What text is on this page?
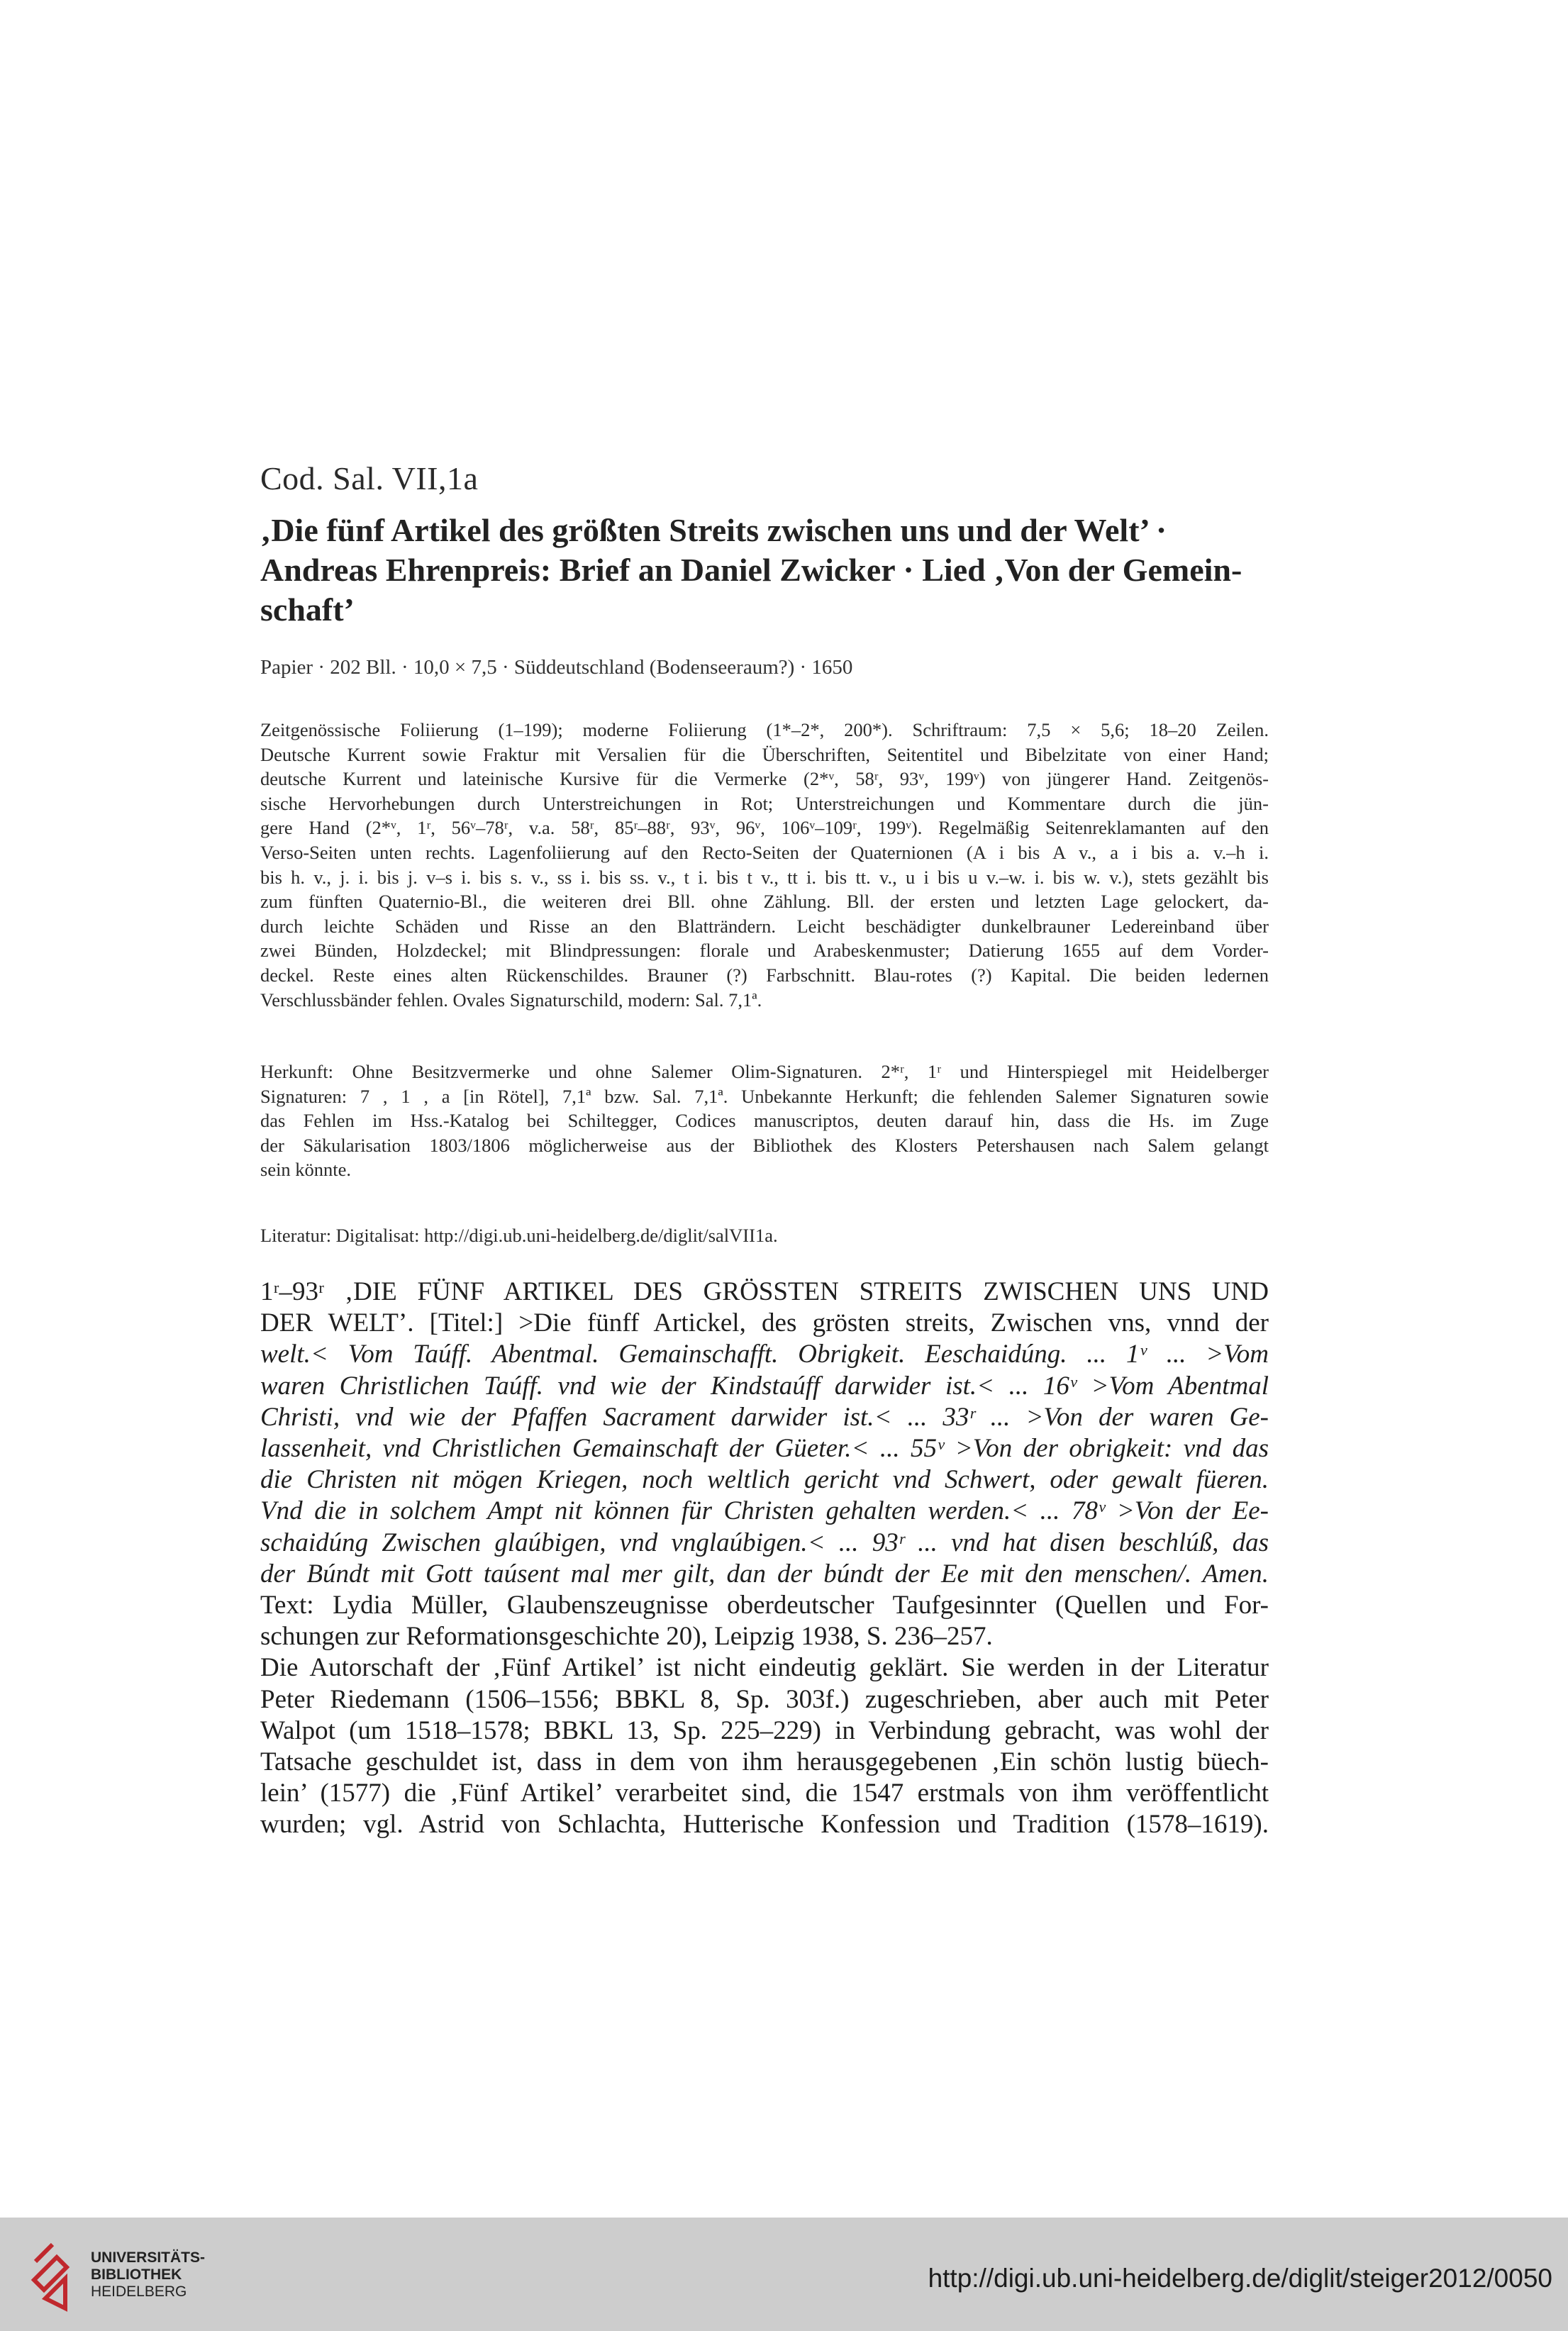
Cod. Sal. VII,1a
‚Die fünf Artikel des größten Streits zwischen uns und der Welt’ ·
Andreas Ehrenpreis: Brief an Daniel Zwicker · Lied ‚Von der Gemein-
schaft’
Papier · 202 Bll. · 10,0 × 7,5 · Süddeutschland (Bodenseeraum?) · 1650
Zeitgenössische Foliierung (1–199); moderne Foliierung (1*–2*, 200*). Schriftraum: 7,5 × 5,6; 18–20 Zeilen.
Deutsche Kurrent sowie Fraktur mit Versalien für die Überschriften, Seitentitel und Bibelzitate von einer Hand;
deutsche Kurrent und lateinische Kursive für die Vermerke (2*ᵛ, 58ʳ, 93ᵛ, 199ᵛ) von jüngerer Hand. Zeitgenös-
sische Hervorhebungen durch Unterstreichungen in Rot; Unterstreichungen und Kommentare durch die jün-
gere Hand (2*ᵛ, 1ʳ, 56ᵛ–78ʳ, v.a. 58ʳ, 85ʳ–88ʳ, 93ᵛ, 96ᵛ, 106ᵛ–109ʳ, 199ᵛ). Regelmäßig Seitenreklamanten auf den
Verso-Seiten unten rechts. Lagenfoliierung auf den Recto-Seiten der Quaternionen (A i bis A v., a i bis a. v.–h i.
bis h. v., j. i. bis j. v–s i. bis s. v., ss i. bis ss. v., t i. bis t v., tt i. bis tt. v., u i bis u v.–w. i. bis w. v.), stets gezählt bis
zum fünften Quaternio-Bl., die weiteren drei Bll. ohne Zählung. Bll. der ersten und letzten Lage gelockert, da-
durch leichte Schäden und Risse an den Blatträndern. Leicht beschädigter dunkelbrauner Ledereinband über
zwei Bünden, Holzdeckel; mit Blindpressungen: florale und Arabeskenmuster; Datierung 1655 auf dem Vorder-
deckel. Reste eines alten Rückenschildes. Brauner (?) Farbschnitt. Blau-rotes (?) Kapital. Die beiden ledernen
Verschlussbänder fehlen. Ovales Signaturschild, modern: Sal. 7,1ª.
Herkunft: Ohne Besitzvermerke und ohne Salemer Olim-Signaturen. 2*ʳ, 1ʳ und Hinterspiegel mit Heidelberger
Signaturen: 7 , 1 , a [in Rötel], 7,1ª bzw. Sal. 7,1ª. Unbekannte Herkunft; die fehlenden Salemer Signaturen sowie
das Fehlen im Hss.-Katalog bei Schiltegger, Codices manuscriptos, deuten darauf hin, dass die Hs. im Zuge
der Säkularisation 1803/1806 möglicherweise aus der Bibliothek des Klosters Petershausen nach Salem gelangt
sein könnte.
Literatur: Digitalisat: http://digi.ub.uni-heidelberg.de/diglit/salVII1a.
1ʳ–93ʳ ‚DIE FÜNF ARTIKEL DES GRÖSSTEN STREITS ZWISCHEN UNS UND
DER WELT’. [Titel:] >Die fünff Artickel, des grösten streits, Zwischen vns, vnnd der
welt.< Vom Taúff. Abentmal. Gemainschafft. Obrigkeit. Eeschaidúng. ... 1ᵛ ... >Vom
waren Christlichen Taúff. vnd wie der Kindstaúff darwider ist.< ... 16ᵛ >Vom Abentmal
Christi, vnd wie der Pfaffen Sacrament darwider ist.< ... 33ʳ ... >Von der waren Ge-
lassenheit, vnd Christlichen Gemainschaft der Güeter.< ... 55ᵛ >Von der obrigkeit: vnd das
die Christen nit mögen Kriegen, noch weltlich gericht vnd Schwert, oder gewalt füeren.
Vnd die in solchem Ampt nit können für Christen gehalten werden.< ... 78ᵛ >Von der Ee-
schaidúng Zwischen glaúbigen, vnd vnglaúbigen.< ... 93ʳ ... vnd hat disen beschlúß, das
der Búndt mit Gott taúsent mal mer gilt, dan der búndt der Ee mit den menschen/. Amen.
Text: Lydia Müller, Glaubenszeugnisse oberdeutscher Taufgesinnter (Quellen und For-
schungen zur Reformationsgeschichte 20), Leipzig 1938, S. 236–257.
Die Autorschaft der ‚Fünf Artikel’ ist nicht eindeutig geklärt. Sie werden in der Literatur
Peter Riedemann (1506–1556; BBKL 8, Sp. 303f.) zugeschrieben, aber auch mit Peter
Walpot (um 1518–1578; BBKL 13, Sp. 225–229) in Verbindung gebracht, was wohl der
Tatsache geschuldet ist, dass in dem von ihm herausgegebenen ‚Ein schön lustig büech-
lein’ (1577) die ‚Fünf Artikel’ verarbeitet sind, die 1547 erstmals von ihm veröffentlicht
wurden; vgl. Astrid von Schlachta, Hutterische Konfession und Tradition (1578–1619).
UNIVERSITÄTS-
BIBLIOTHEK
HEIDELBERG	http://digi.ub.uni-heidelberg.de/diglit/steiger2012/0050
